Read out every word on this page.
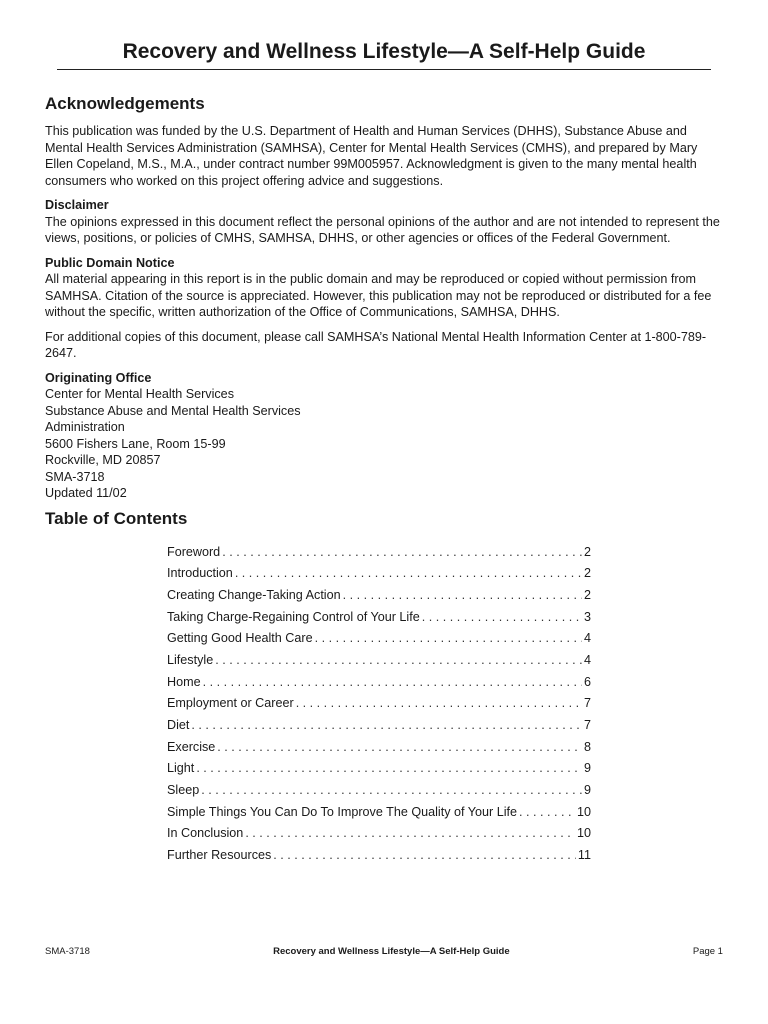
Recovery and Wellness Lifestyle—A Self-Help Guide
Acknowledgements

This publication was funded by the U.S. Department of Health and Human Services (DHHS), Substance Abuse and Mental Health Services Administration (SAMHSA), Center for Mental Health Services (CMHS), and prepared by Mary Ellen Copeland, M.S., M.A., under contract number 99M005957. Acknowledgment is given to the many mental health consumers who worked on this project offering advice and suggestions.

Disclaimer

The opinions expressed in this document reflect the personal opinions of the author and are not intended to represent the views, positions, or policies of CMHS, SAMHSA, DHHS, or other agencies or offices of the Federal Government.

Public Domain Notice

All material appearing in this report is in the public domain and may be reproduced or copied without permission from SAMHSA. Citation of the source is appreciated. However, this publication may not be reproduced or distributed for a fee without the specific, written authorization of the Office of Communications, SAMHSA, DHHS.

For additional copies of this document, please call SAMHSA’s National Mental Health Information Center at 1-800-789-2647.

Originating Office
Center for Mental Health Services
Substance Abuse and Mental Health Services
Administration
5600 Fishers Lane, Room 15-99
Rockville, MD 20857
SMA-3718
Updated 11/02
Table of Contents
Foreword . . .	2
Introduction . . .	2
Creating Change-Taking Action . . .	2
Taking Charge-Regaining Control of Your Life . . .	3
Getting Good Health Care . . .	4
Lifestyle . . .	4
Home . . .	6
Employment or Career . . .	7
Diet . . .	7
Exercise . . .	8
Light . . .	9
Sleep . . .	9
Simple Things You Can Do To Improve The Quality of Your Life . . .	10
In Conclusion . . .	10
Further Resources . . .	11
SMA-3718	Recovery and Wellness Lifestyle—A Self-Help Guide	Page 1
